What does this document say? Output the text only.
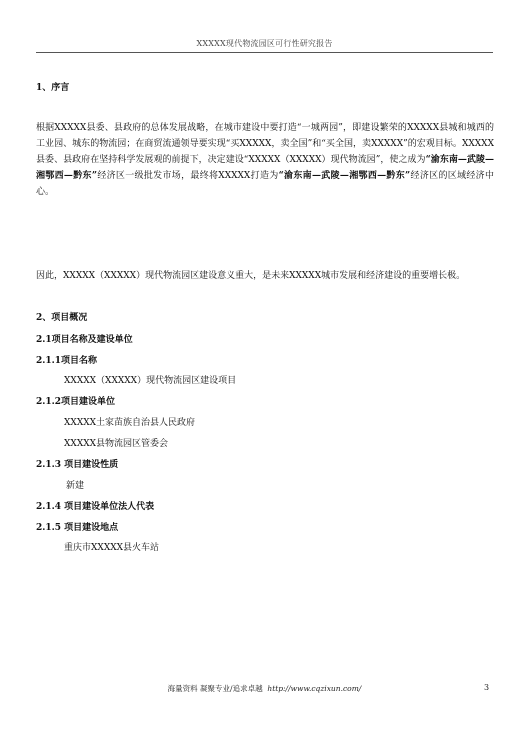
XXXXX现代物流园区可行性研究报告
1、序言
根据XXXXX县委、县政府的总体发展战略，在城市建设中要打造“一城两园”，即建设繁荣的XXXXX县城和城西的工业园、城东的物流园；在商贸流通领导要实现“买XXXXX，卖全国”和“买全国，卖XXXXX”的宏观目标。XXXXX县委、县政府在坚持科学发展观的前提下，决定建设“XXXXX（XXXXX）现代物流园”，使之成为“渝东南—武陵—湘鄂西—黔东”经济区一级批发市场，最终将XXXXX打造为“渝东南—武陵—湘鄂西—黔东”经济区的区域经济中心。
因此，XXXXX（XXXXX）现代物流园区建设意义重大，是未来XXXXX城市发展和经济建设的重要增长极。
2、项目概况
2.1项目名称及建设单位
2.1.1项目名称
XXXXX（XXXXX）现代物流园区建设项目
2.1.2项目建设单位
XXXXX土家苗族自治县人民政府
XXXXX县物流园区管委会
2.1.3 项目建设性质
新建
2.1.4 项目建设单位法人代表
2.1.5 项目建设地点
重庆市XXXXX县火车站
海量资料 凝聚专业/追求卓越 http://www.cqzixun.com/	3
